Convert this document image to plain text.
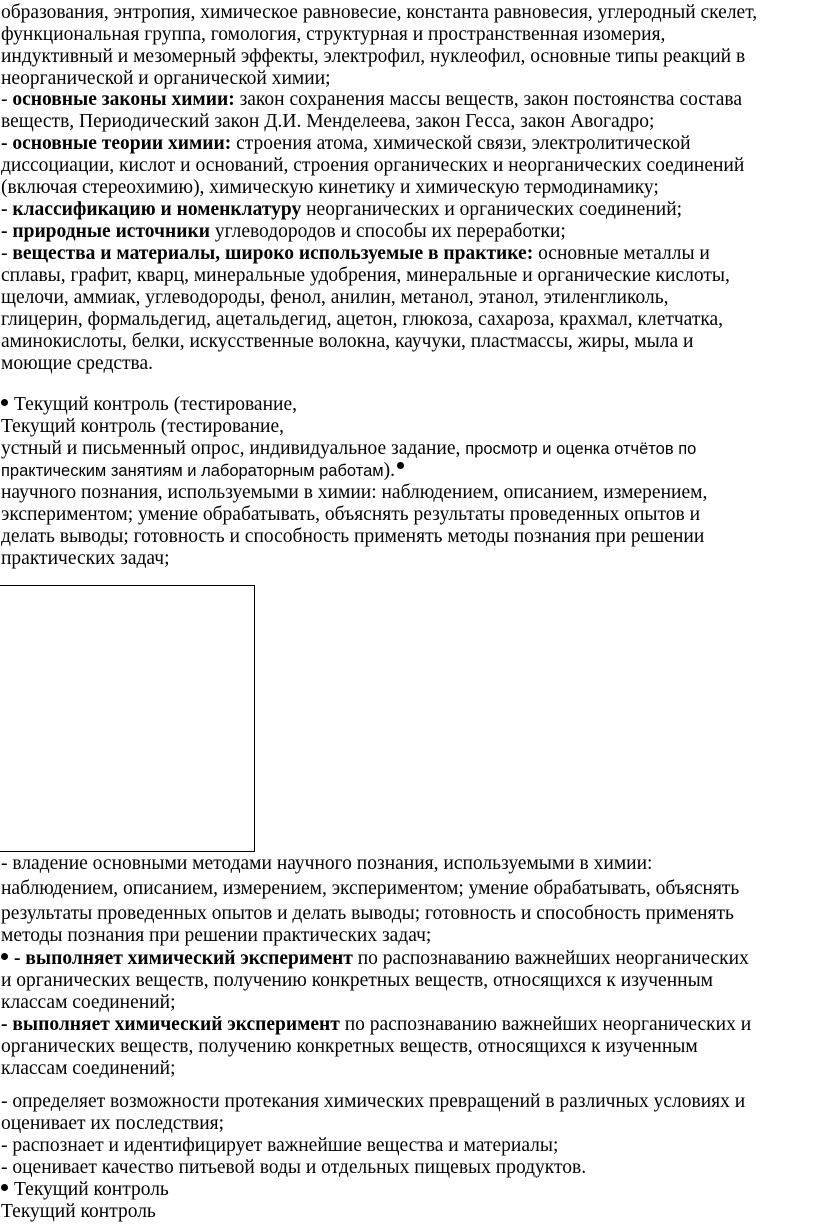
образования, энтропия, химическое равновесие, константа равновесия, углеродный скелет,
функциональная группа, гомология, структурная и пространственная изомерия,
индуктивный и мезомерный эффекты, электрофил, нуклеофил, основные типы реакций в
неорганической и органической химии;
- основные законы химии: закон сохранения массы веществ, закон постоянства состава
веществ, Периодический закон Д.И. Менделеева, закон Гесса, закон Авогадро;
- основные теории химии: строения атома, химической связи, электролитической
диссоциации, кислот и оснований, строения органических и неорганических соединений
(включая стереохимию), химическую кинетику и химическую термодинамику;
- классификацию и номенклатуру неорганических и органических соединений;
- природные источники углеводородов и способы их переработки;
- вещества и материалы, широко используемые в практике: основные металлы и
сплавы, графит, кварц, минеральные удобрения, минеральные и органические кислоты,
щелочи, аммиак, углеводороды, фенол, анилин, метанол, этанол, этиленгликоль,
глицерин, формальдегид, ацетальдегид, ацетон, глюкоза, сахароза, крахмал, клетчатка,
аминокислоты, белки, искусственные волокна, каучуки, пластмассы, жиры, мыла и
моющие средства.
Текущий контроль (тестирование,
Текущий контроль (тестирование,
устный и письменный опрос, индивидуальное задание, просмотр и оценка отчётов по
практическим занятиям и лабораторным работам).
научного познания, используемыми в химии: наблюдением, описанием, измерением,
экспериментом; умение обрабатывать, объяснять результаты проведенных опытов и
делать выводы; готовность и способность применять методы познания при решении
практических задач;
- владение основными методами научного познания, используемыми в химии:
наблюдением, описанием, измерением, экспериментом; умение обрабатывать, объяснять
результаты проведенных опытов и делать выводы; готовность и способность применять
методы познания при решении практических задач;
- выполняет химический эксперимент по распознаванию важнейших неорганических
и органических веществ, получению конкретных веществ, относящихся к изученным
классам соединений;
- выполняет химический эксперимент по распознаванию важнейших неорганических и
органических веществ, получению конкретных веществ, относящихся к изученным
классам соединений;
- определяет возможности протекания химических превращений в различных условиях и
оценивает их последствия;
- распознает и идентифицирует важнейшие вещества и материалы;
- оценивает качество питьевой воды и отдельных пищевых продуктов.
Текущий контроль
Текущий контроль
